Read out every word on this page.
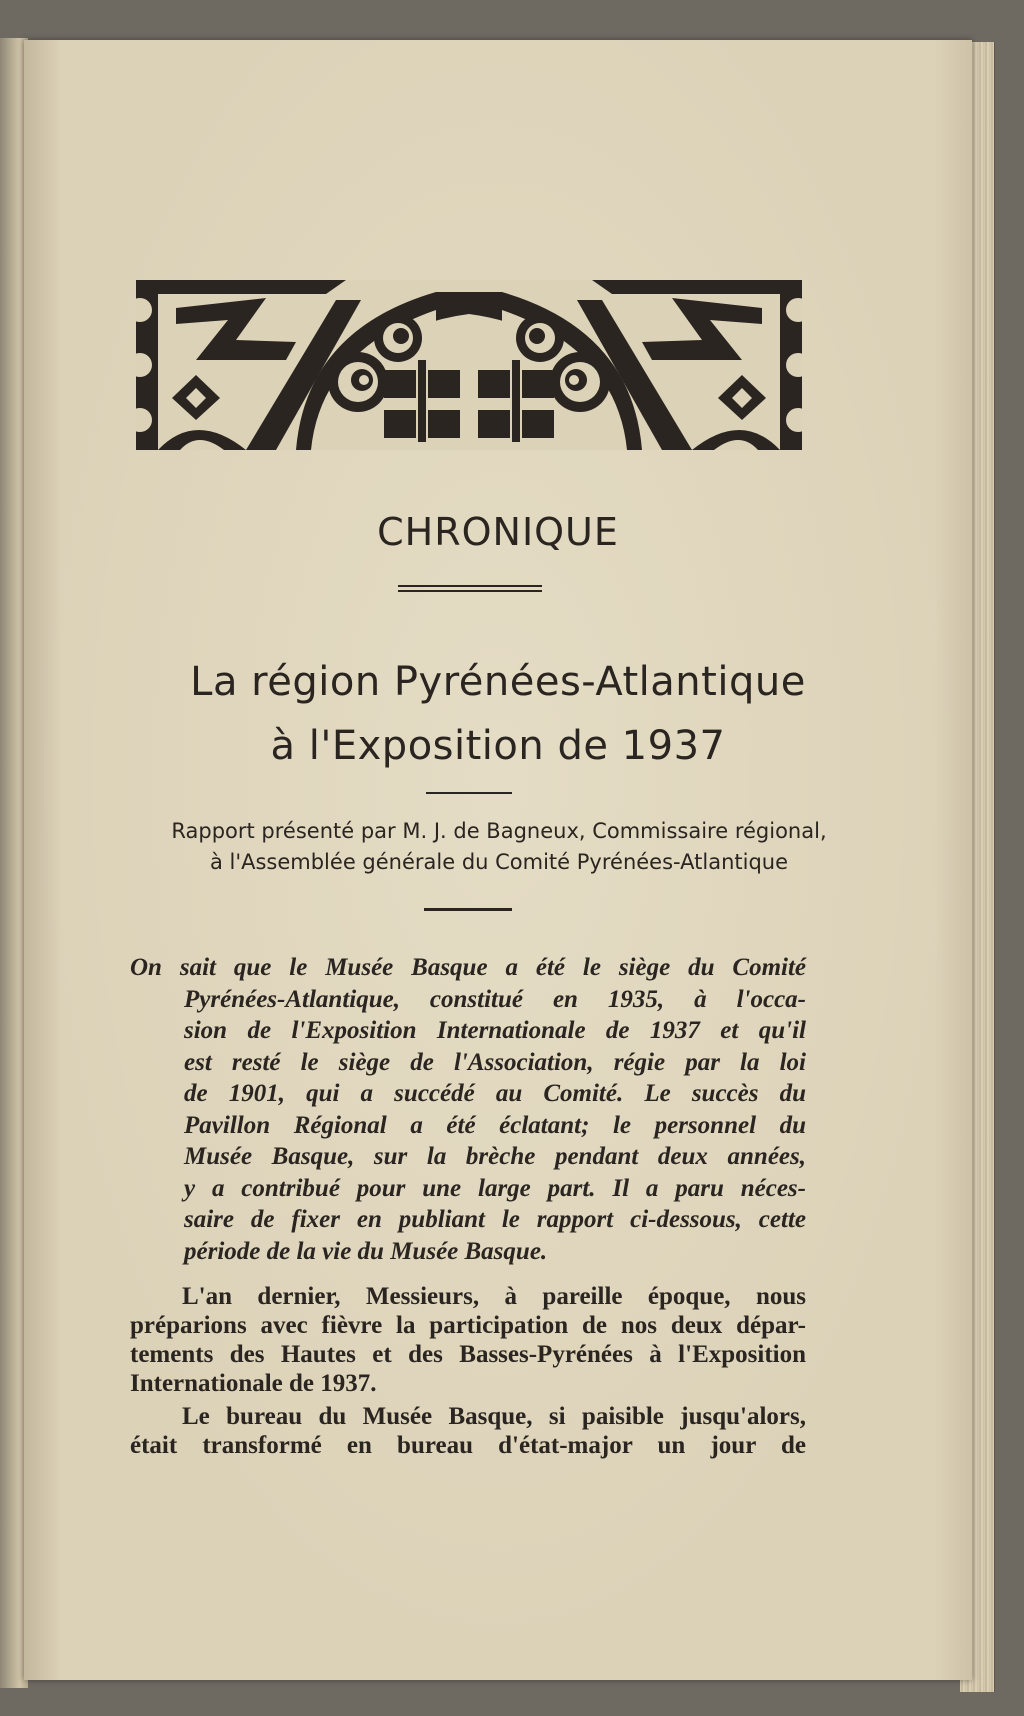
CHRONIQUE
La région Pyrénées-Atlantique
à l'Exposition de 1937

Rapport présenté par M. J. de Bagneux, Commissaire régional,
à l'Assemblée générale du Comité Pyrénées-Atlantique

On sait que le Musée Basque a été le siège du Comité
Pyrénées-Atlantique, constitué en 1935, à l'occa-
sion de l'Exposition Internationale de 1937 et qu'il
est resté le siège de l'Association, régie par la loi
de 1901, qui a succédé au Comité. Le succès du
Pavillon Régional a été éclatant; le personnel du
Musée Basque, sur la brèche pendant deux années,
y a contribué pour une large part. Il a paru néces-
saire de fixer en publiant le rapport ci-dessous, cette
période de la vie du Musée Basque.

L'an dernier, Messieurs, à pareille époque, nous
préparions avec fièvre la participation de nos deux dépar-
tements des Hautes et des Basses-Pyrénées à l'Exposition
Internationale de 1937.

Le bureau du Musée Basque, si paisible jusqu'alors,
était transformé en bureau d'état-major un jour de
